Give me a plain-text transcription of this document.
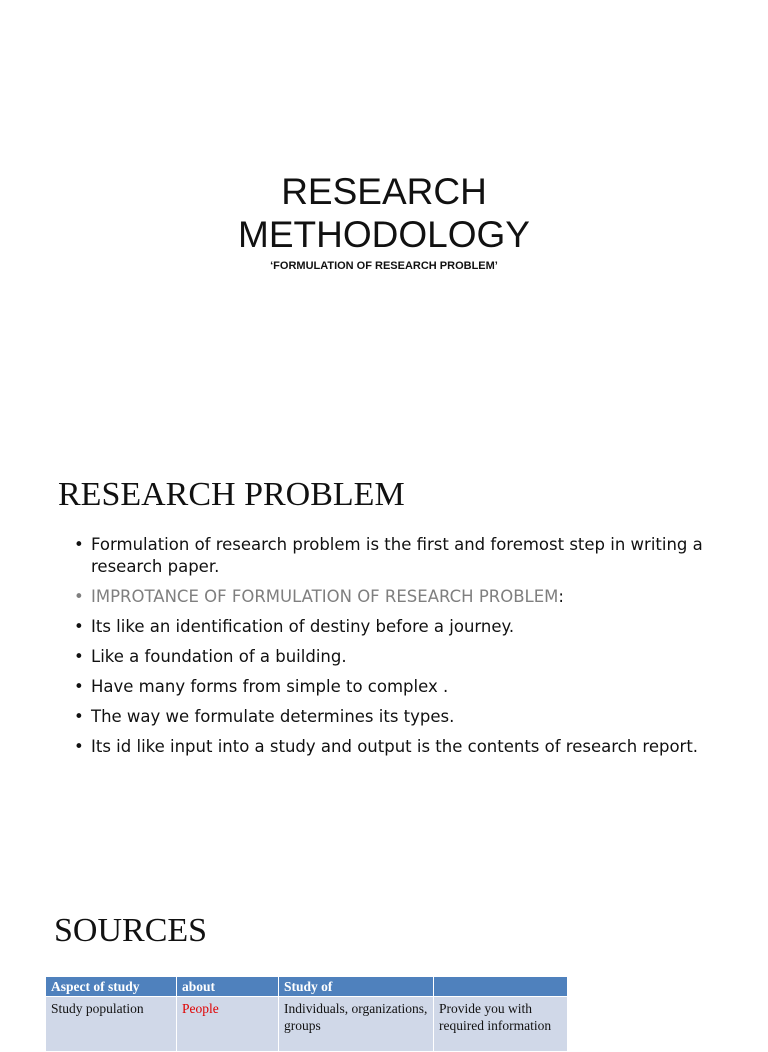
RESEARCH
METHODOLOGY
‘FORMULATION OF RESEARCH PROBLEM’
RESEARCH PROBLEM
• Formulation of research problem is the first and foremost step in writing a research paper.
• IMPROTANCE OF FORMULATION OF RESEARCH PROBLEM:
• Its like an identification of destiny before a journey.
• Like a foundation of a building.
• Have many forms from simple to complex .
• The way we formulate determines its types.
• Its id like input into a study and output is the contents of research report.
SOURCES
Aspect of study	about	Study of	
Study population	People	Individuals, organizations, groups	Provide you with required information
